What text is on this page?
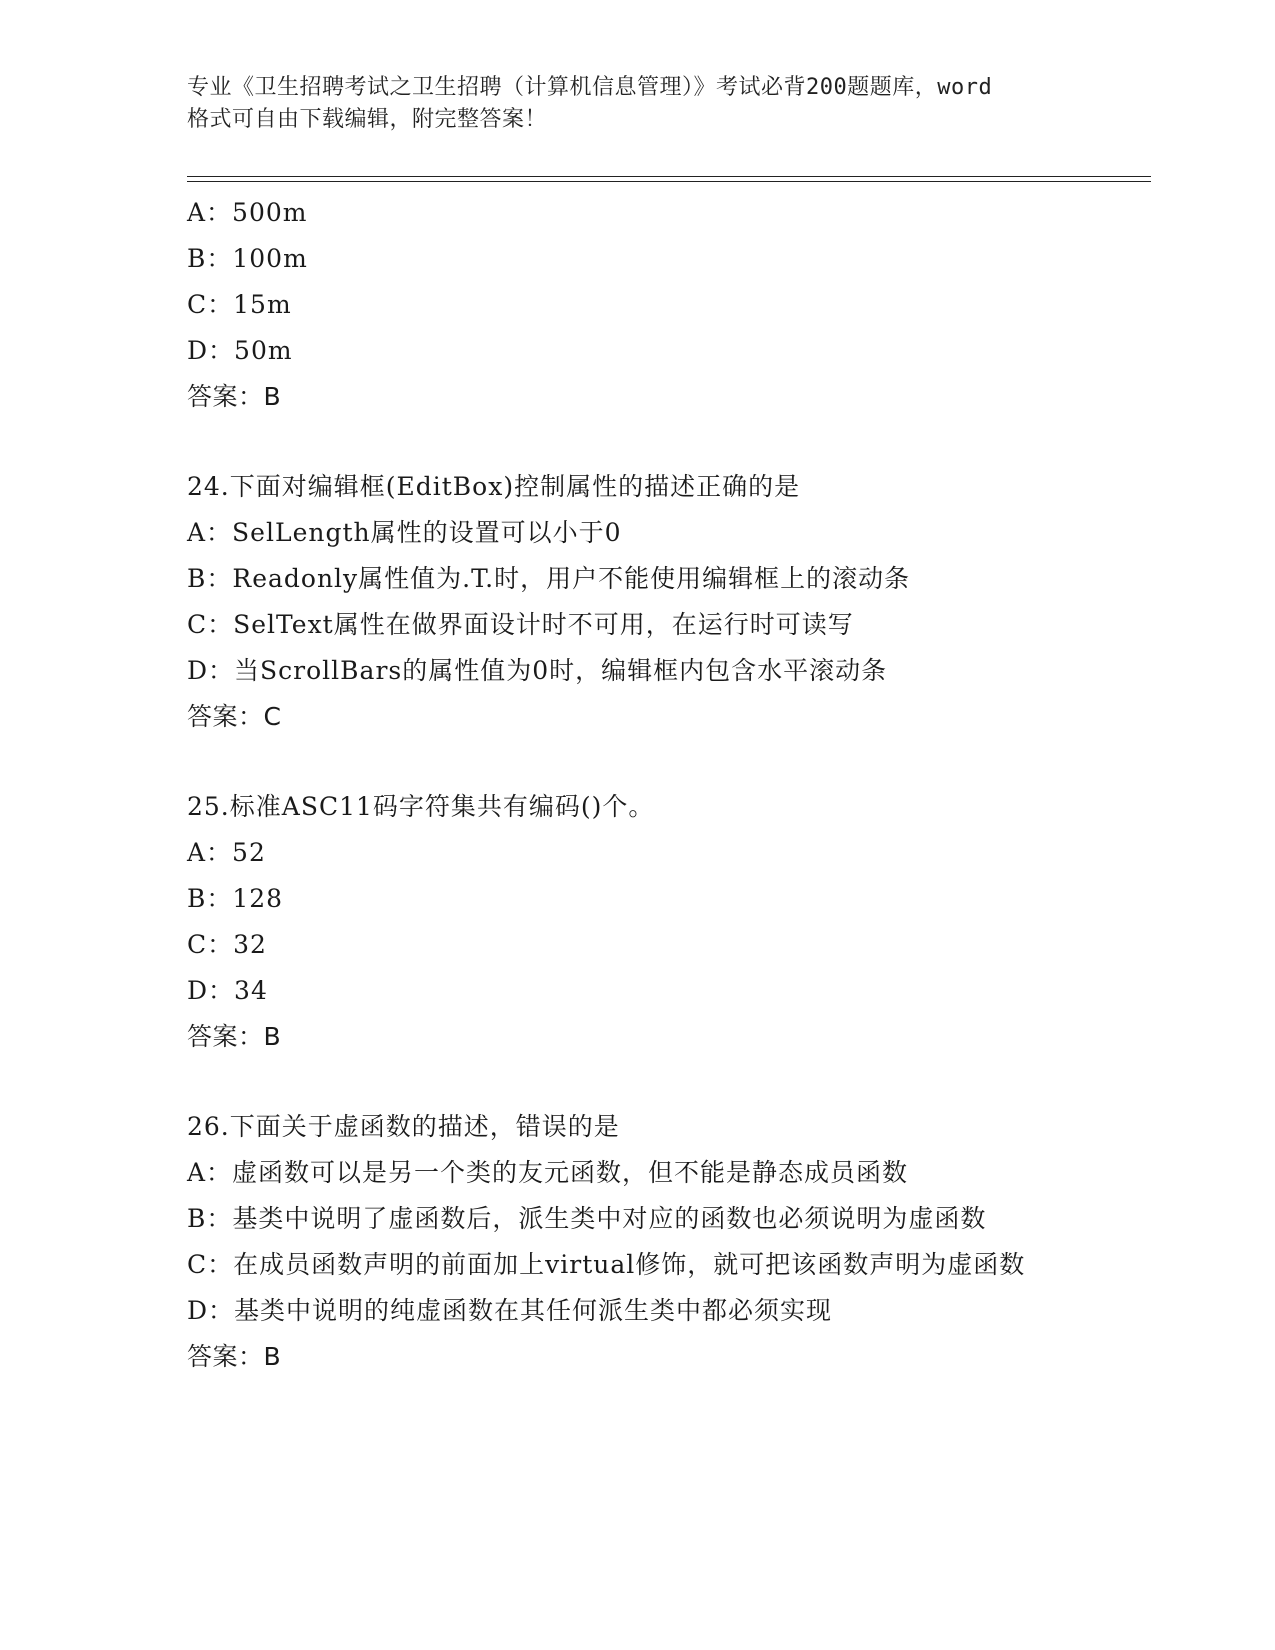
专业《卫生招聘考试之卫生招聘（计算机信息管理）》考试必背200题题库，word
格式可自由下载编辑，附完整答案！
A：500m
B：100m
C：15m
D：50m
答案：B
24.下面对编辑框(EditBox)控制属性的描述正确的是
A：SelLength属性的设置可以小于0
B：Readonly属性值为.T.时，用户不能使用编辑框上的滚动条
C：SelText属性在做界面设计时不可用，在运行时可读写
D：当ScrollBars的属性值为0时，编辑框内包含水平滚动条
答案：C
25.标准ASC11码字符集共有编码()个。
A：52
B：128
C：32
D：34
答案：B
26.下面关于虚函数的描述，错误的是
A：虚函数可以是另一个类的友元函数，但不能是静态成员函数
B：基类中说明了虚函数后，派生类中对应的函数也必须说明为虚函数
C：在成员函数声明的前面加上virtual修饰，就可把该函数声明为虚函数
D：基类中说明的纯虚函数在其任何派生类中都必须实现
答案：B
